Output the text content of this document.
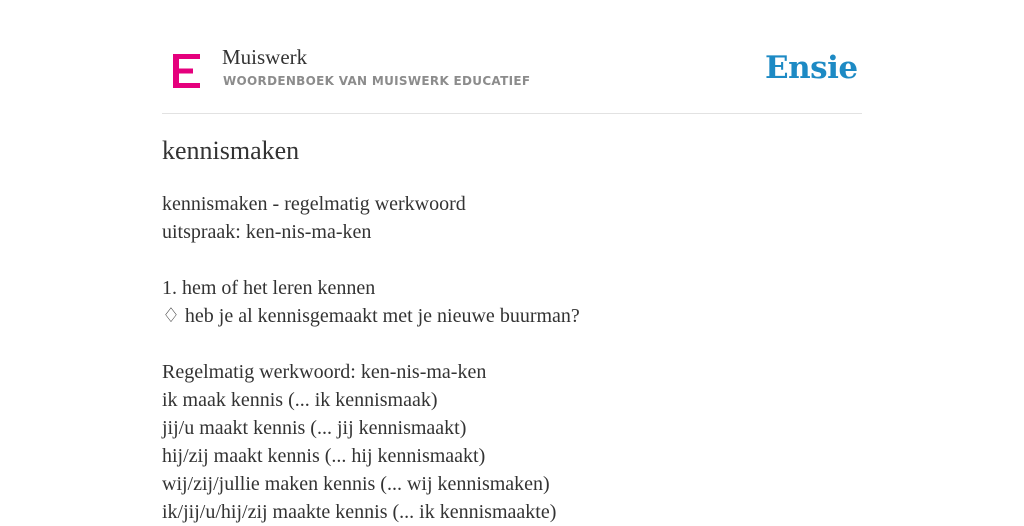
Muiswerk
WOORDENBOEK VAN MUISWERK EDUCATIEF	Ensie
kennismaken
kennismaken - regelmatig werkwoord
uitspraak: ken-nis-ma-ken
1. hem of het leren kennen
♢ heb je al kennisgemaakt met je nieuwe buurman?
Regelmatig werkwoord: ken-nis-ma-ken
ik maak kennis (... ik kennismaak)
jij/u maakt kennis (... jij kennismaakt)
hij/zij maakt kennis (... hij kennismaakt)
wij/zij/jullie maken kennis (... wij kennismaken)
ik/jij/u/hij/zij maakte kennis (... ik kennismaakte)
